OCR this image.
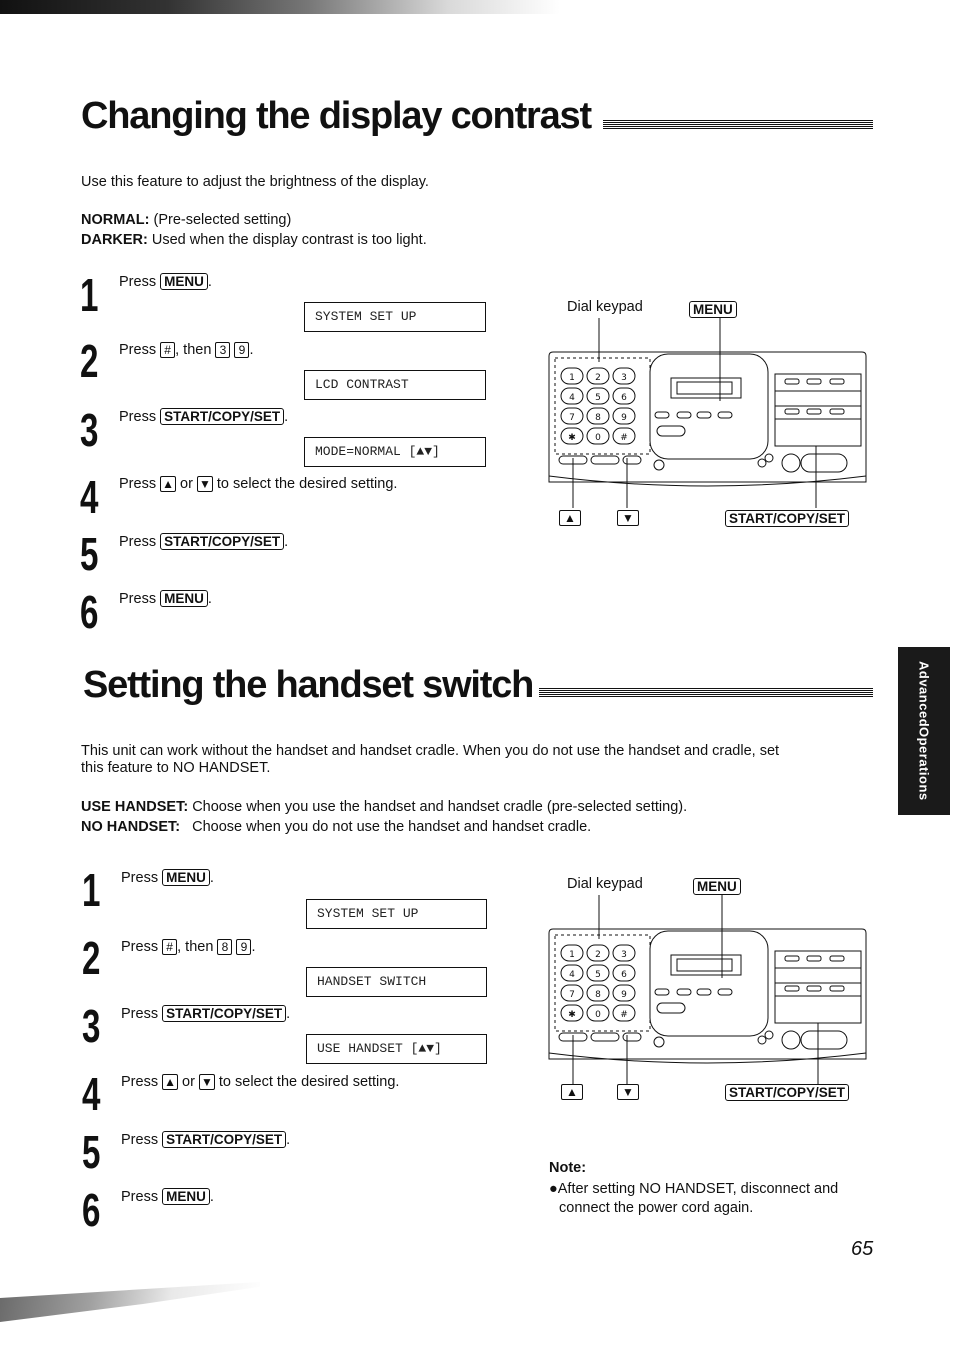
Changing the display contrast
Use this feature to adjust the brightness of the display.
NORMAL: (Pre-selected setting)
DARKER: Used when the display contrast is too light.
1 Press MENU .
2 Press # , then 3 9 .
3 Press START/COPY/SET .
4 Press ▲ or ▼ to select the desired setting.
5 Press START/COPY/SET .
6 Press MENU .
SYSTEM SET UP
LCD CONTRAST
MODE=NORMAL [▲▼]
Dial keypad	MENU
1 2 3
4 5 6
7 8 9
✱ 0 #
▲	▼	START/COPY/SET
Setting the handset switch
This unit can work without the handset and handset cradle. When you do not use the handset and cradle, set
this feature to NO HANDSET.
USE HANDSET: Choose when you use the handset and handset cradle (pre-selected setting).
NO HANDSET: Choose when you do not use the handset and handset cradle.
1 Press MENU .
2 Press # , then 8 9 .
3 Press START/COPY/SET .
4 Press ▲ or ▼ to select the desired setting.
5 Press START/COPY/SET .
6 Press MENU .
SYSTEM SET UP
HANDSET SWITCH
USE HANDSET [▲▼]
Dial keypad	MENU
1 2 3
4 5 6
7 8 9
✱ 0 #
▲	▼	START/COPY/SET
Note:
●After setting NO HANDSET, disconnect and
connect the power cord again.
Advanced
Operations
65
